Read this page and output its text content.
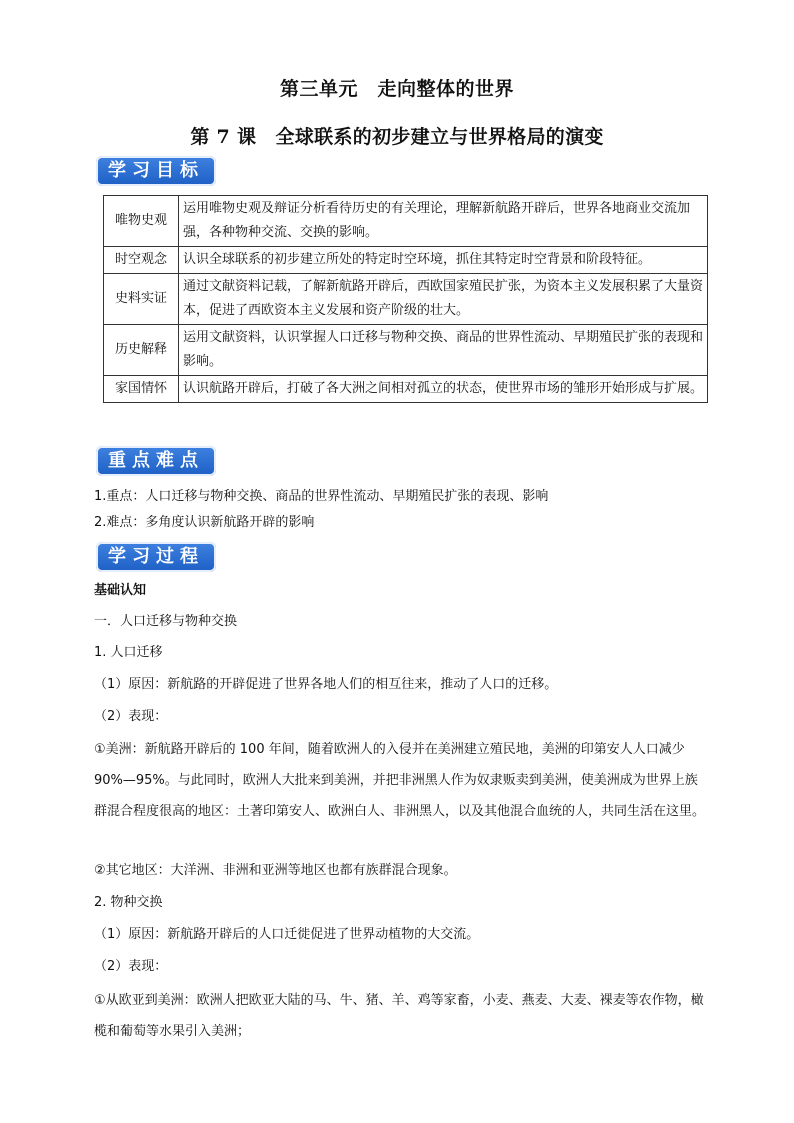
第三单元　走向整体的世界
第 7 课　全球联系的初步建立与世界格局的演变
学习目标
唯物史观	运用唯物史观及辩证分析看待历史的有关理论，理解新航路开辟后，世界各地商业交流加强，各种物种交流、交换的影响。
时空观念	认识全球联系的初步建立所处的特定时空环境，抓住其特定时空背景和阶段特征。
史料实证	通过文献资料记载，了解新航路开辟后，西欧国家殖民扩张，为资本主义发展积累了大量资本，促进了西欧资本主义发展和资产阶级的壮大。
历史解释	运用文献资料，认识掌握人口迁移与物种交换、商品的世界性流动、早期殖民扩张的表现和影响。
家国情怀	认识航路开辟后，打破了各大洲之间相对孤立的状态，使世界市场的雏形开始形成与扩展。
重点难点
1.重点：人口迁移与物种交换、商品的世界性流动、早期殖民扩张的表现、影响
2.难点：多角度认识新航路开辟的影响
学习过程
基础认知
一．人口迁移与物种交换
1. 人口迁移
（1）原因：新航路的开辟促进了世界各地人们的相互往来，推动了人口的迁移。
（2）表现：
①美洲：新航路开辟后的 100 年间，随着欧洲人的入侵并在美洲建立殖民地，美洲的印第安人人口减少 90%—95%。与此同时，欧洲人大批来到美洲，并把非洲黑人作为奴隶贩卖到美洲，使美洲成为世界上族群混合程度很高的地区：土著印第安人、欧洲白人、非洲黑人，以及其他混合血统的人，共同生活在这里。
②其它地区：大洋洲、非洲和亚洲等地区也都有族群混合现象。
2. 物种交换
（1）原因：新航路开辟后的人口迁徙促进了世界动植物的大交流。
（2）表现：
①从欧亚到美洲：欧洲人把欧亚大陆的马、牛、猪、羊、鸡等家畜，小麦、燕麦、大麦、裸麦等农作物，橄榄和葡萄等水果引入美洲；
